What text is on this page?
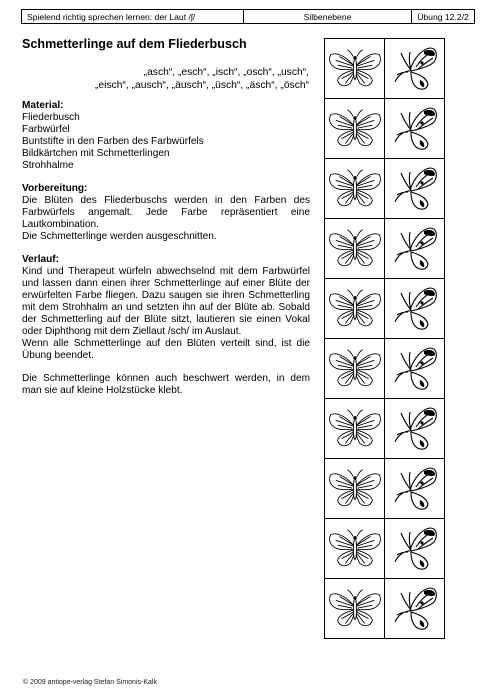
Spielend richtig sprechen lernen: der Laut /ʃ/	Silbenebene	Übung 12.2/2
Schmetterlinge auf dem Fliederbusch
„asch“, „esch“, „isch“, „osch“, „usch“,
„eisch“, „ausch“, „äusch“, „üsch“, „äsch“, „ösch“
Material:
Fliederbusch
Farbwürfel
Buntstifte in den Farben des Farbwürfels
Bildkärtchen mit Schmetterlingen
Strohhalme
Vorbereitung:

Die Blüten des Fliederbuschs werden in den Farben des Farbwürfels angemalt. Jede Farbe repräsentiert eine Lautkombination.

Die Schmetterlinge werden ausgeschnitten.

Verlauf:

Kind und Therapeut würfeln abwechselnd mit dem Farbwürfel und lassen dann einen ihrer Schmetterlinge auf einer Blüte der erwürfelten Farbe fliegen. Dazu saugen sie ihren Schmetterling mit dem Strohhalm an und setzten ihn auf der Blüte ab. Sobald der Schmetterling auf der Blüte sitzt, lautieren sie einen Vokal oder Diphthong mit dem Ziellaut /sch/ im Auslaut.

Wenn alle Schmetterlinge auf den Blüten verteilt sind, ist die Übung beendet.

Die Schmetterlinge können auch beschwert werden, in dem man sie auf kleine Holzstücke klebt.

© 2009 antiope-verlag Stefan Simonis-Kalk
